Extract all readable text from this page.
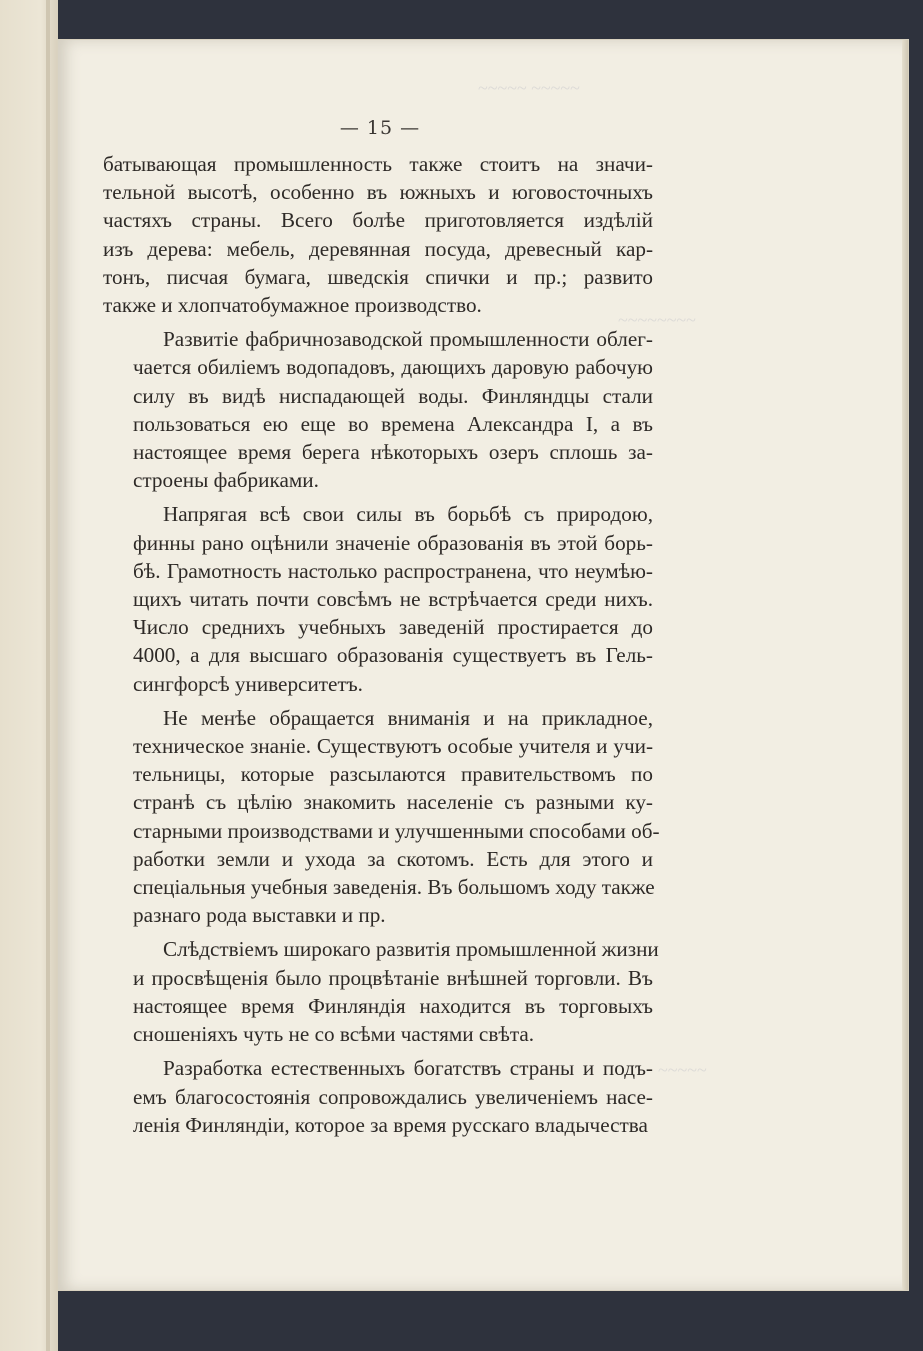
~~~~~ ~~~~~
~~~~~~~~
~~~~~
— 15 —
батывающая промышленность также стоитъ на значи-
тельной высотѣ, особенно въ южныхъ и юговосточныхъ
частяхъ страны. Всего болѣе приготовляется издѣлій
изъ дерева: мебель, деревянная посуда, древесный кар-
тонъ, писчая бумага, шведскія спички и пр.; развито
также и хлопчатобумажное производство.
Развитіе фабричнозаводской промышленности облег-
чается обиліемъ водопадовъ, дающихъ даровую рабочую
силу въ видѣ ниспадающей воды. Финляндцы стали
пользоваться ею еще во времена Александра I, а въ
настоящее время берега нѣкоторыхъ озеръ сплошь за-
строены фабриками.
Напрягая всѣ свои силы въ борьбѣ съ природою,
финны рано оцѣнили значеніе образованія въ этой борь-
бѣ. Грамотность настолько распространена, что неумѣю-
щихъ читать почти совсѣмъ не встрѣчается среди нихъ.
Число среднихъ учебныхъ заведеній простирается до
4000, а для высшаго образованія существуетъ въ Гель-
сингфорсѣ университетъ.
Не менѣе обращается вниманія и на прикладное,
техническое знаніе. Существуютъ особые учителя и учи-
тельницы, которые разсылаются правительствомъ по
странѣ съ цѣлію знакомить населеніе съ разными ку-
старными производствами и улучшенными способами об-
работки земли и ухода за скотомъ. Есть для этого и
спеціальныя учебныя заведенія. Въ большомъ ходу также
разнаго рода выставки и пр.
Слѣдствіемъ широкаго развитія промышленной жизни
и просвѣщенія было процвѣтаніе внѣшней торговли. Въ
настоящее время Финляндія находится въ торговыхъ
сношеніяхъ чуть не со всѣми частями свѣта.
Разработка естественныхъ богатствъ страны и подъ-
емъ благосостоянія сопровождались увеличеніемъ насе-
ленія Финляндіи, которое за время русскаго владычества
